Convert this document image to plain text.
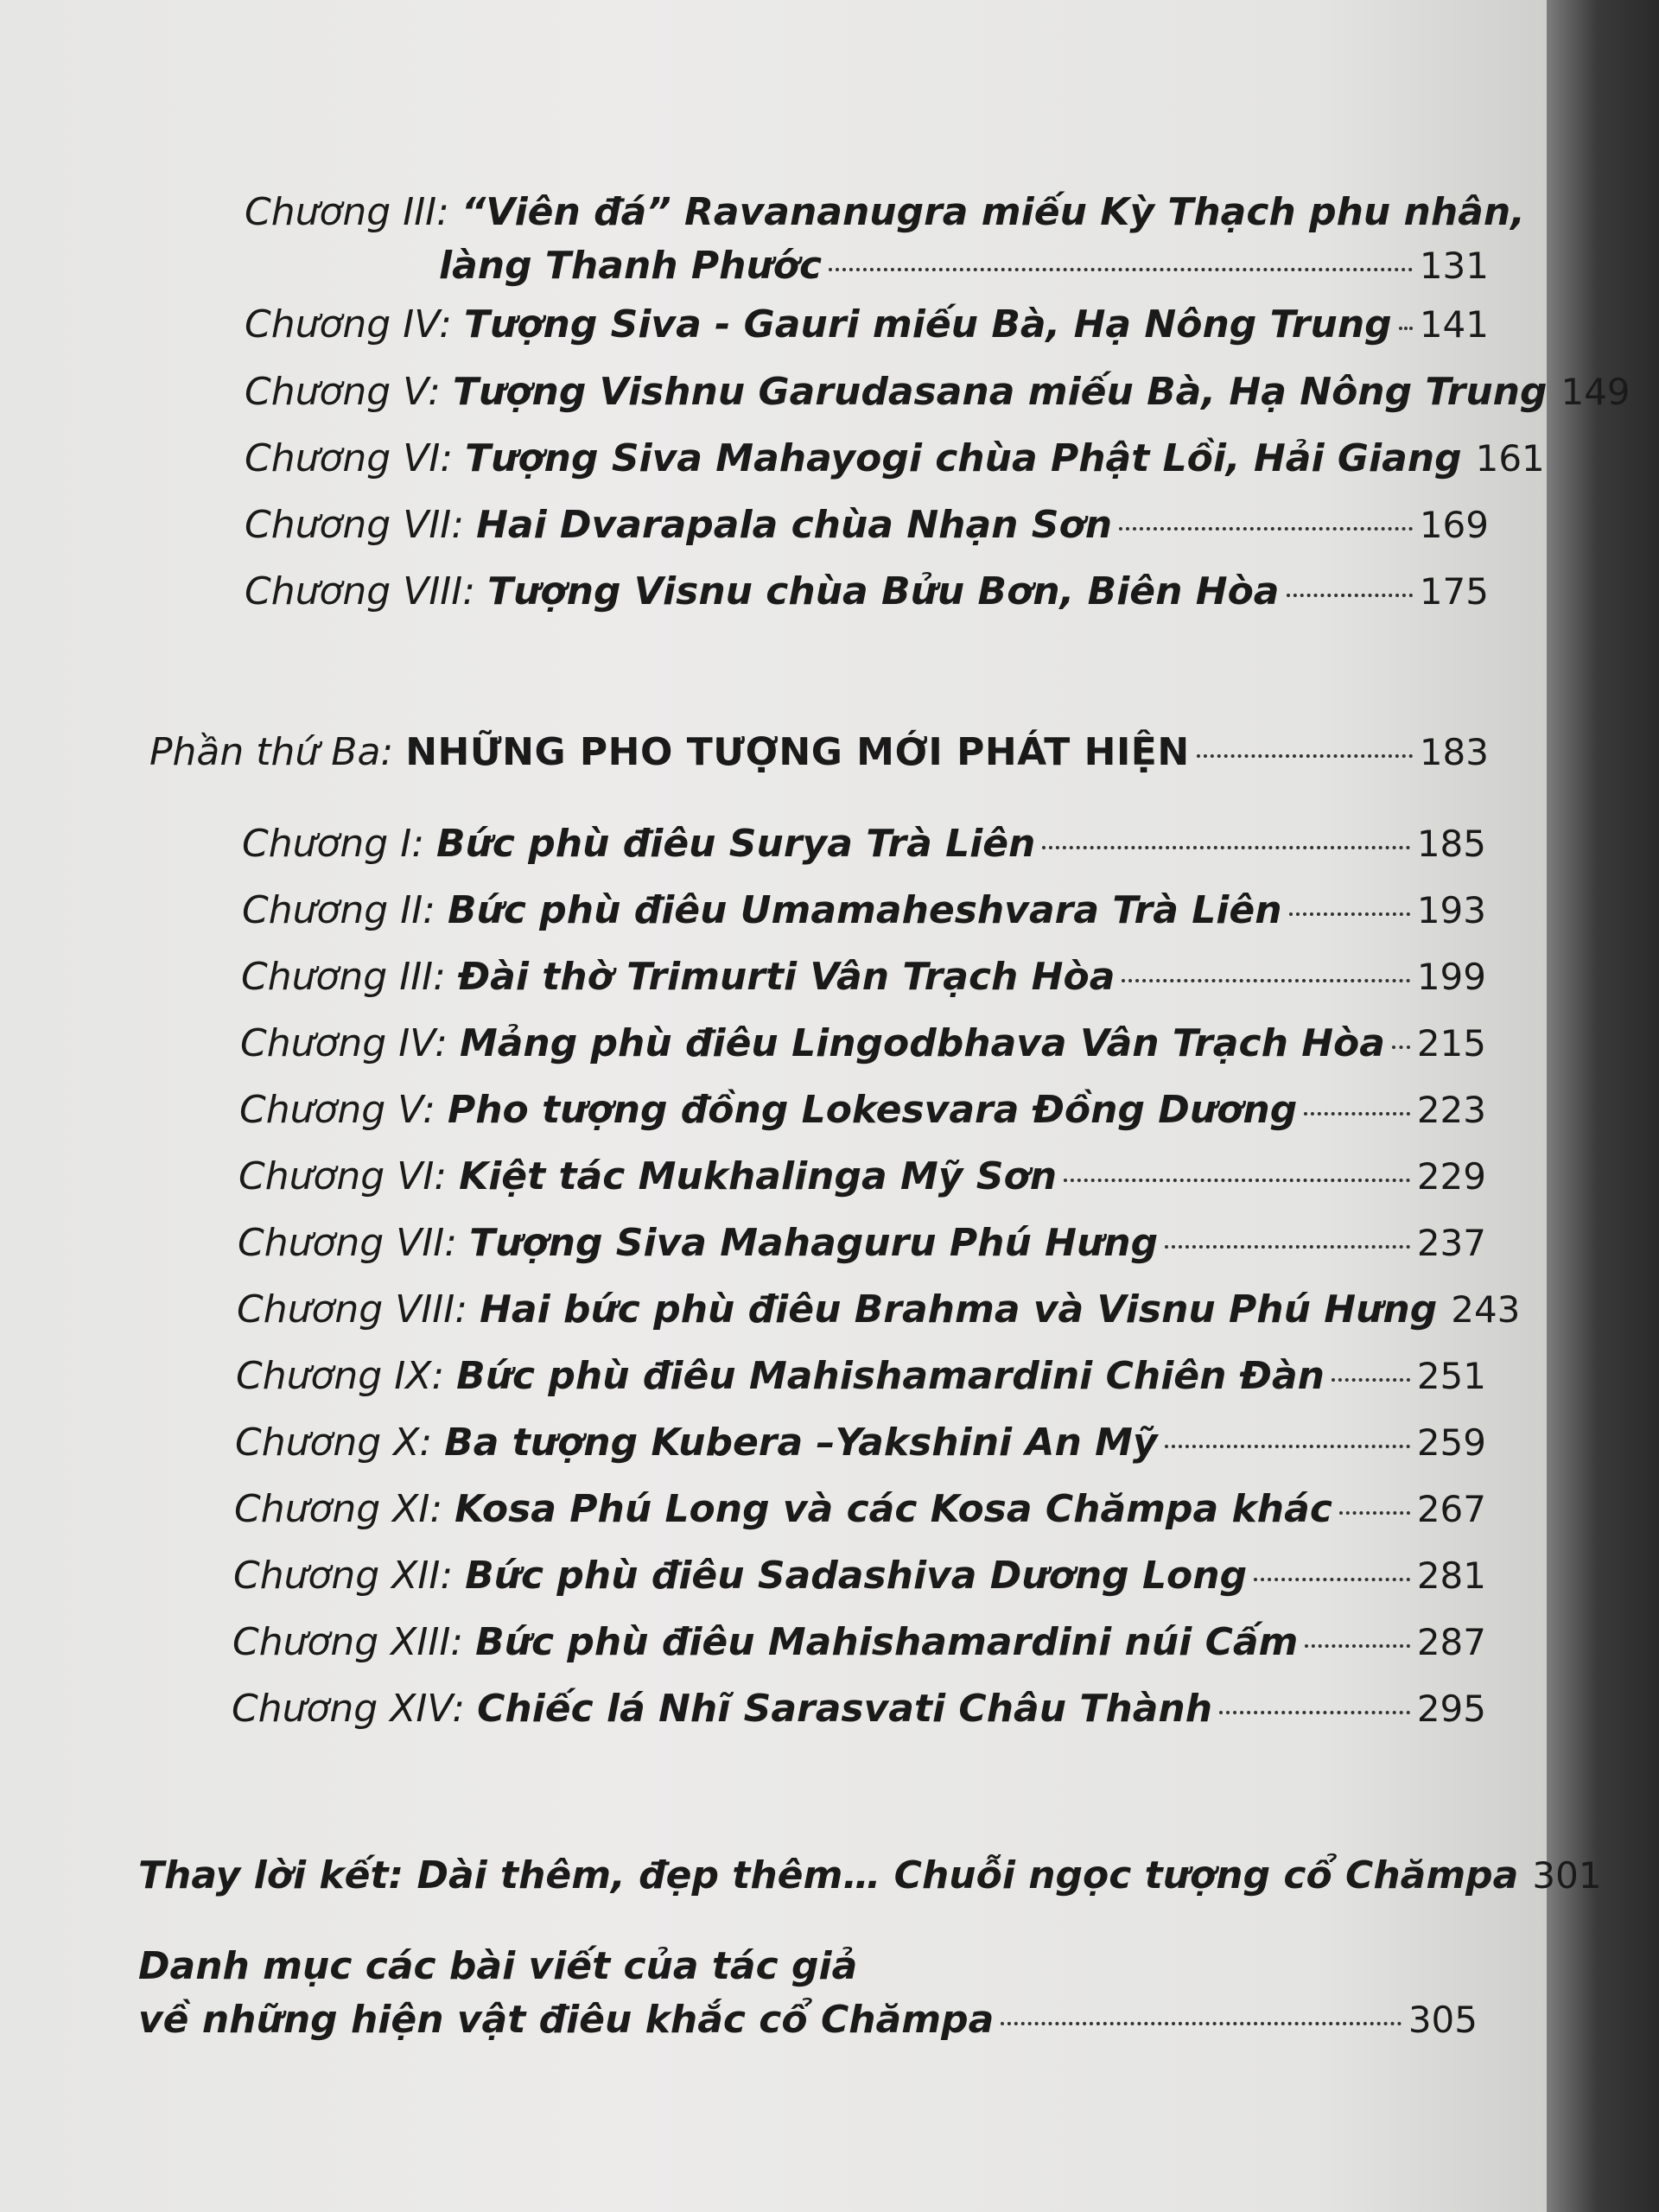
Chương III: “Viên đá” Ravananugra miếu Kỳ Thạch phu nhân,
làng Thanh Phước	131
Chương IV: Tượng Siva - Gauri miếu Bà, Hạ Nông Trung 141
Chương V: Tượng Vishnu Garudasana miếu Bà, Hạ Nông Trung 149
Chương VI: Tượng Siva Mahayogi chùa Phật Lồi, Hải Giang 161
Chương VII: Hai Dvarapala chùa Nhạn Sơn	169
Chương VIII: Tượng Visnu chùa Bửu Bơn, Biên Hòa	175
Phần thứ Ba: NHỮNG PHO TƯỢNG MỚI PHÁT HIỆN	183
Chương I: Bức phù điêu Surya Trà Liên	185
Chương II: Bức phù điêu Umamaheshvara Trà Liên	193
Chương III: Đài thờ Trimurti Vân Trạch Hòa	199
Chương IV: Mảng phù điêu Lingodbhava Vân Trạch Hòa 215
Chương V: Pho tượng đồng Lokesvara Đồng Dương	223
Chương VI: Kiệt tác Mukhalinga Mỹ Sơn	229
Chương VII: Tượng Siva Mahaguru Phú Hưng	237
Chương VIII: Hai bức phù điêu Brahma và Visnu Phú Hưng 243
Chương IX: Bức phù điêu Mahishamardini Chiên Đàn	251
Chương X: Ba tượng Kubera –Yakshini An Mỹ	259
Chương XI: Kosa Phú Long và các Kosa Chămpa khác 267
Chương XII: Bức phù điêu Sadashiva Dương Long	281
Chương XIII: Bức phù điêu Mahishamardini núi Cấm	287
Chương XIV: Chiếc lá Nhĩ Sarasvati Châu Thành	295
Thay lời kết: Dài thêm, đẹp thêm… Chuỗi ngọc tượng cổ Chămpa 301
Danh mục các bài viết của tác giả
về những hiện vật điêu khắc cổ Chămpa	305
